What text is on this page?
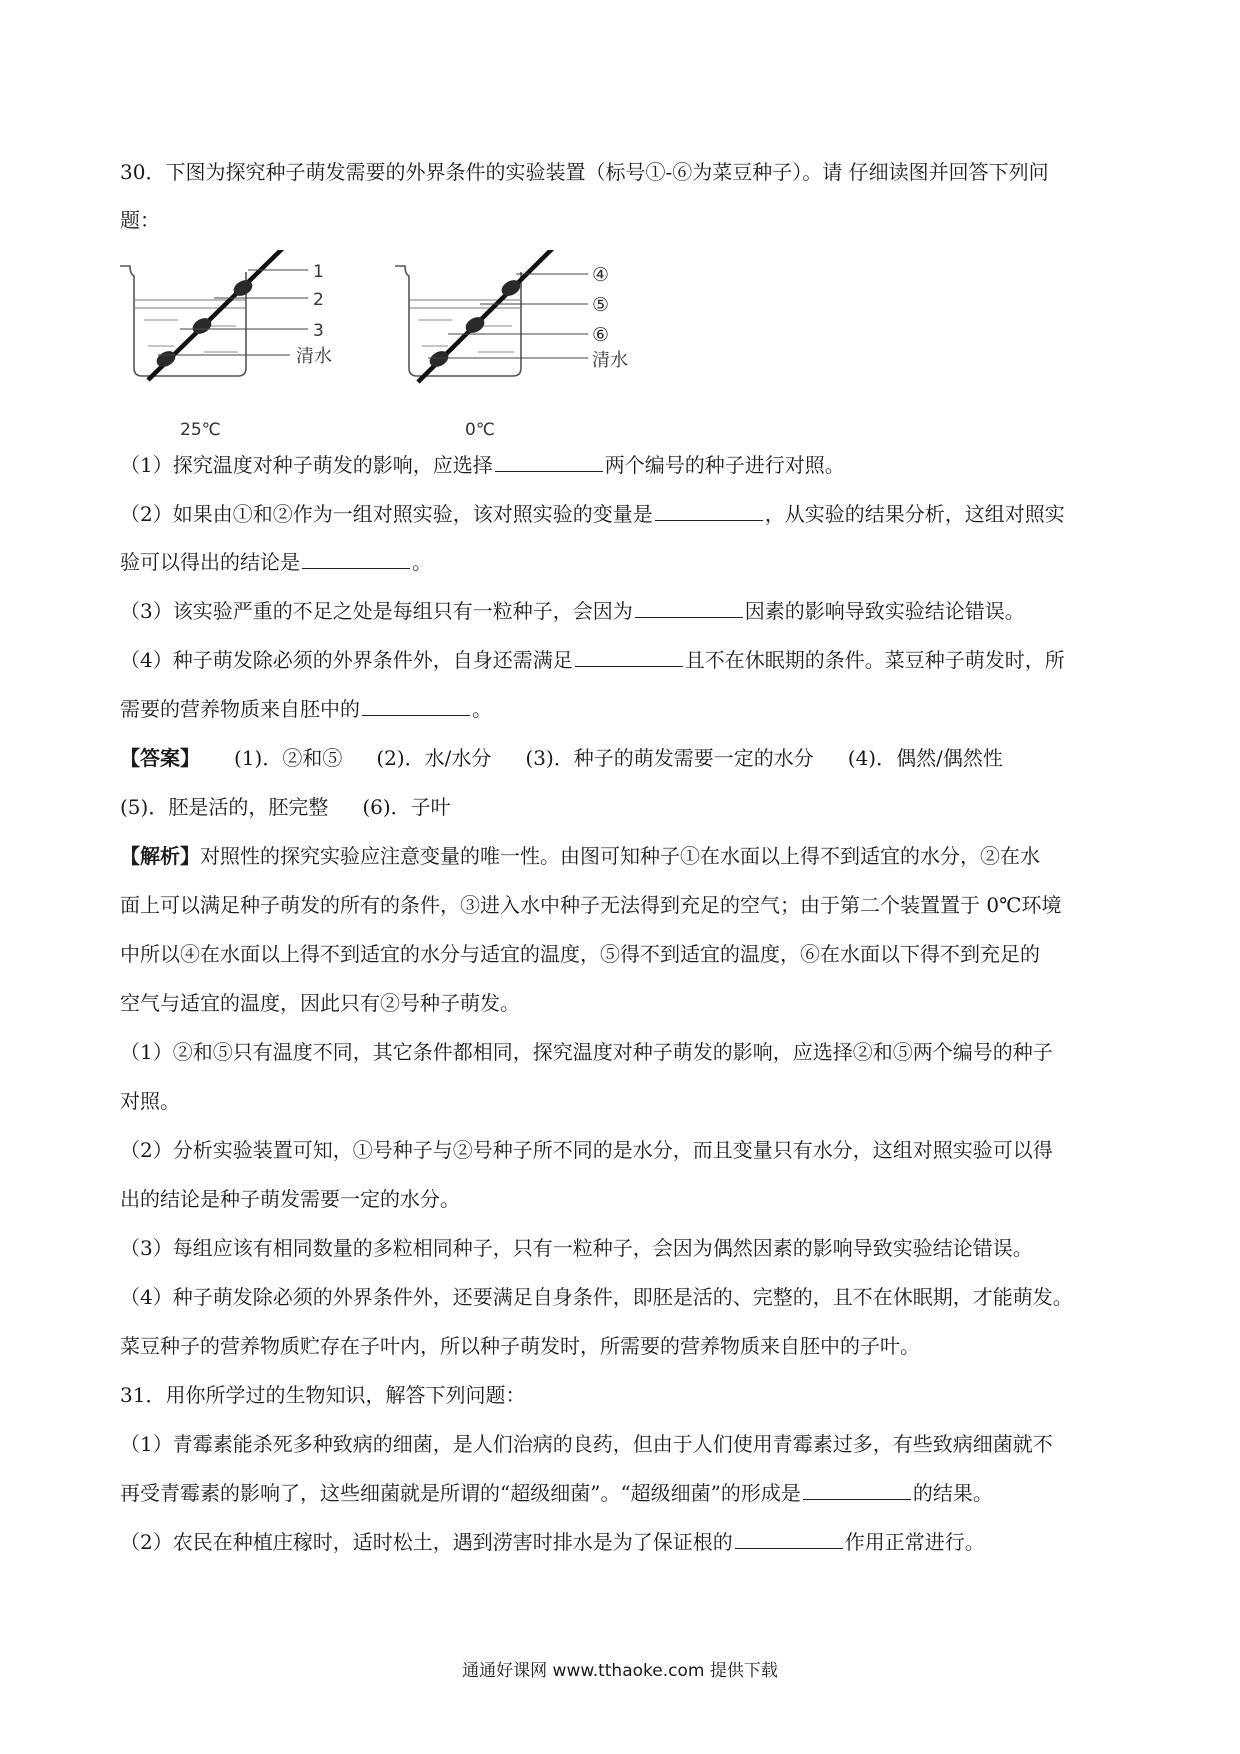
30．下图为探究种子萌发需要的外界条件的实验装置（标号①-⑥为菜豆种子）。请 仔细读图并回答下列问
题：
1
2
3
清水
25℃
④
⑤
⑥
清水
0℃
（1）探究温度对种子萌发的影响，应选择	两个编号的种子进行对照。
（2）如果由①和②作为一组对照实验，该对照实验的变量是	，从实验的结果分析，这组对照实
验可以得出的结论是	。
（3）该实验严重的不足之处是每组只有一粒种子，会因为	因素的影响导致实验结论错误。
（4）种子萌发除必须的外界条件外，自身还需满足	且不在休眠期的条件。菜豆种子萌发时，所
需要的营养物质来自胚中的	。
【答案】 (1)．②和⑤ (2)．水/水分 (3)．种子的萌发需要一定的水分 (4)．偶然/偶然性
(5)．胚是活的，胚完整 (6)．子叶
【解析】对照性的探究实验应注意变量的唯一性。由图可知种子①在水面以上得不到适宜的水分，②在水
面上可以满足种子萌发的所有的条件，③进入水中种子无法得到充足的空气；由于第二个装置置于 0℃环境
中所以④在水面以上得不到适宜的水分与适宜的温度，⑤得不到适宜的温度，⑥在水面以下得不到充足的
空气与适宜的温度，因此只有②号种子萌发。
（1）②和⑤只有温度不同，其它条件都相同，探究温度对种子萌发的影响，应选择②和⑤两个编号的种子
对照。
（2）分析实验装置可知，①号种子与②号种子所不同的是水分，而且变量只有水分，这组对照实验可以得
出的结论是种子萌发需要一定的水分。
（3）每组应该有相同数量的多粒相同种子，只有一粒种子，会因为偶然因素的影响导致实验结论错误。
（4）种子萌发除必须的外界条件外，还要满足自身条件，即胚是活的、完整的，且不在休眠期，才能萌发。
菜豆种子的营养物质贮存在子叶内，所以种子萌发时，所需要的营养物质来自胚中的子叶。
31．用你所学过的生物知识，解答下列问题：
（1）青霉素能杀死多种致病的细菌，是人们治病的良药，但由于人们使用青霉素过多，有些致病细菌就不
再受青霉素的影响了，这些细菌就是所谓的“超级细菌”。“超级细菌”的形成是	的结果。
（2）农民在种植庄稼时，适时松土，遇到涝害时排水是为了保证根的	作用正常进行。
通通好课网 www.tthaoke.com 提供下载
